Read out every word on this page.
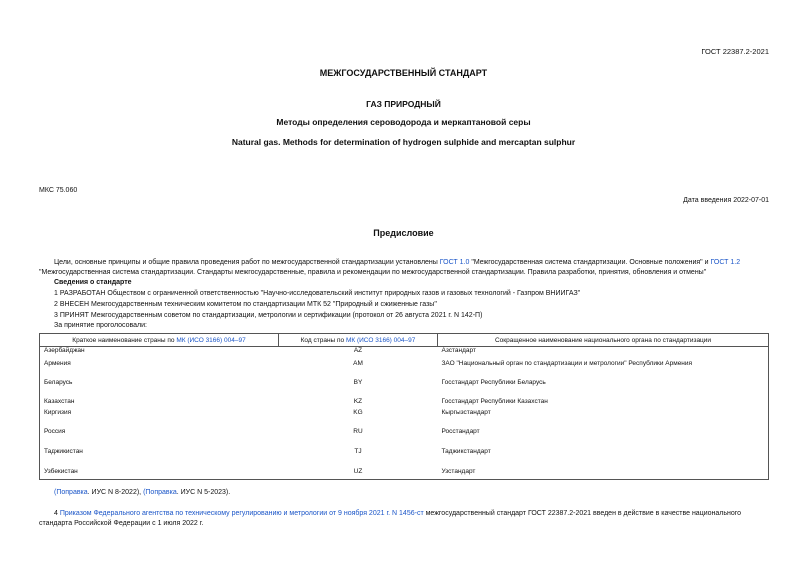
ГОСТ 22387.2-2021
МЕЖГОСУДАРСТВЕННЫЙ СТАНДАРТ
ГАЗ ПРИРОДНЫЙ
Методы определения сероводорода и меркаптановой серы
Natural gas. Methods for determination of hydrogen sulphide and mercaptan sulphur
МКС 75.060
Дата введения 2022-07-01
Предисловие
Цели, основные принципы и общие правила проведения работ по межгосударственной стандартизации установлены ГОСТ 1.0 "Межгосударственная система стандартизации. Основные положения" и ГОСТ 1.2 "Межгосударственная система стандартизации. Стандарты межгосударственные, правила и рекомендации по межгосударственной стандартизации. Правила разработки, принятия, обновления и отмены"
Сведения о стандарте
1 РАЗРАБОТАН Обществом с ограниченной ответственностью "Научно-исследовательский институт природных газов и газовых технологий - Газпром ВНИИГАЗ"
2 ВНЕСЕН Межгосударственным техническим комитетом по стандартизации МТК 52 "Природный и сжиженные газы"
3 ПРИНЯТ Межгосударственным советом по стандартизации, метрологии и сертификации (протокол от 26 августа 2021 г. N 142-П)
За принятие проголосовали:
Краткое наименование страны по МК (ИСО 3166) 004–97	Код страны по МК (ИСО 3166) 004–97	Сокращенное наименование национального органа по стандартизации
Азербайджан	AZ	Азстандарт
Армения	AM	ЗАО "Национальный орган по стандартизации и метрологии" Республики Армения
Беларусь	BY	Госстандарт Республики Беларусь
Казахстан	KZ	Госстандарт Республики Казахстан
Киргизия	KG	Кыргызстандарт
Россия	RU	Росстандарт
Таджикистан	TJ	Таджикстандарт
Узбекистан	UZ	Узстандарт
(Поправка. ИУС N 8-2022), (Поправка. ИУС N 5-2023).
4 Приказом Федерального агентства по техническому регулированию и метрологии от 9 ноября 2021 г. N 1456-ст межгосударственный стандарт ГОСТ 22387.2-2021 введен в действие в качестве национального стандарта Российской Федерации с 1 июля 2022 г.
